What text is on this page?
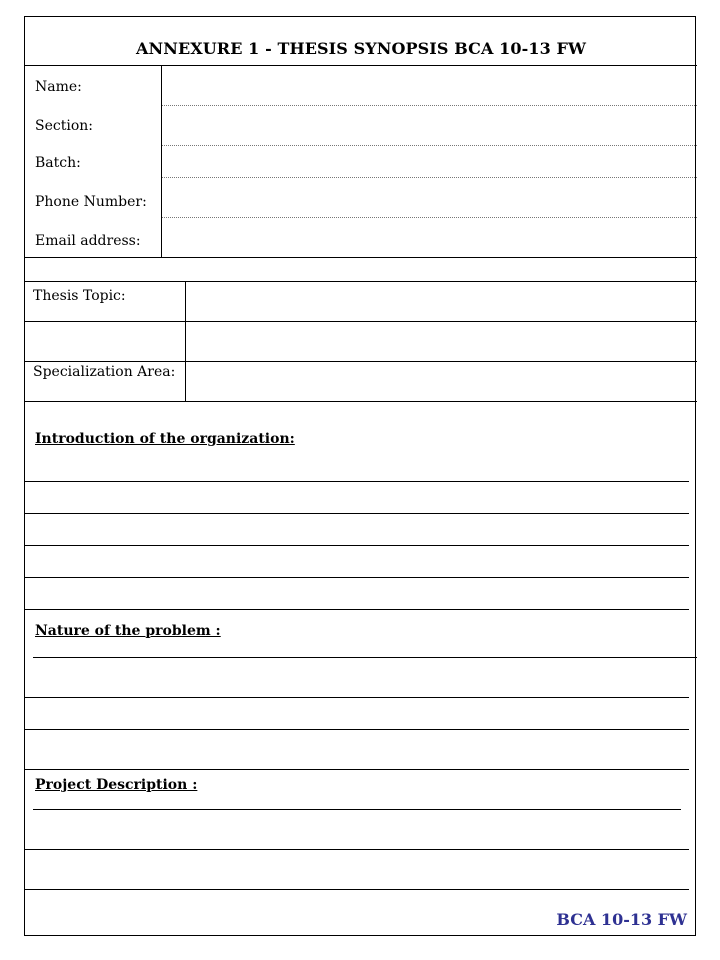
ANNEXURE 1 - THESIS SYNOPSIS BCA 10-13 FW
Name:
Section:
Batch:
Phone Number:
Email address:
Thesis Topic:
Specialization Area:
Introduction of the organization:
Nature of the problem :
Project Description :
BCA 10-13 FW
